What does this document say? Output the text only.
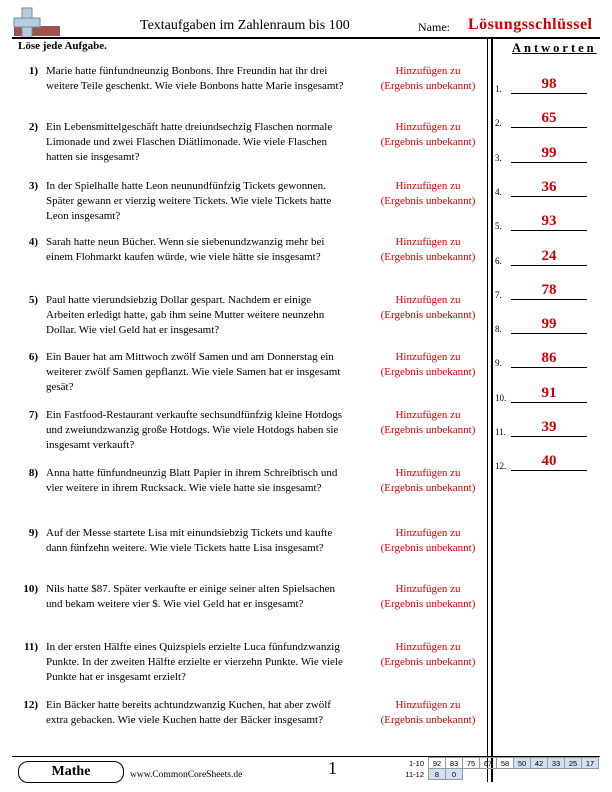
Textaufgaben im Zahlenraum bis 100	Name: Lösungsschlüssel
Löse jede Aufgabe.	Antworten
1) Marie hatte fünfundneunzig Bonbons. Ihre Freundin hat ihr drei
weitere Teile geschenkt. Wie viele Bonbons hatte Marie insgesamt?
Hinzufügen zu
(Ergebnis unbekannt)
2) Ein Lebensmittelgeschäft hatte dreiundsechzig Flaschen normale
Limonade und zwei Flaschen Diätlimonade. Wie viele Flaschen
hatten sie insgesamt?
Hinzufügen zu
(Ergebnis unbekannt)
3) In der Spielhalle hatte Leon neunundfünfzig Tickets gewonnen.
Später gewann er vierzig weitere Tickets. Wie viele Tickets hatte
Leon insgesamt?
Hinzufügen zu
(Ergebnis unbekannt)
4) Sarah hatte neun Bücher. Wenn sie siebenundzwanzig mehr bei
einem Flohmarkt kaufen würde, wie viele hätte sie insgesamt?
Hinzufügen zu
(Ergebnis unbekannt)
5) Paul hatte vierundsiebzig Dollar gespart. Nachdem er einige
Arbeiten erledigt hatte, gab ihm seine Mutter weitere neunzehn
Dollar. Wie viel Geld hat er insgesamt?
Hinzufügen zu
(Ergebnis unbekannt)
6) Ein Bauer hat am Mittwoch zwölf Samen und am Donnerstag ein
weiterer zwölf Samen gepflanzt. Wie viele Samen hat er insgesamt
gesät?
Hinzufügen zu
(Ergebnis unbekannt)
7) Ein Fastfood-Restaurant verkaufte sechsundfünfzig kleine Hotdogs
und zweiundzwanzig große Hotdogs. Wie viele Hotdogs haben sie
insgesamt verkauft?
Hinzufügen zu
(Ergebnis unbekannt)
8) Anna hatte fünfundneunzig Blatt Papier in ihrem Schreibtisch und
vier weitere in ihrem Rucksack. Wie viele hatte sie insgesamt?
Hinzufügen zu
(Ergebnis unbekannt)
9) Auf der Messe startete Lisa mit einundsiebzig Tickets und kaufte
dann fünfzehn weitere. Wie viele Tickets hatte Lisa insgesamt?
Hinzufügen zu
(Ergebnis unbekannt)
10) Nils hatte $87. Später verkaufte er einige seiner alten Spielsachen
und bekam weitere vier $. Wie viel Geld hat er insgesamt?
Hinzufügen zu
(Ergebnis unbekannt)
11) In der ersten Hälfte eines Quizspiels erzielte Luca fünfundzwanzig
Punkte. In der zweiten Hälfte erzielte er vierzehn Punkte. Wie viele
Punkte hat er insgesamt erzielt?
Hinzufügen zu
(Ergebnis unbekannt)
12) Ein Bäcker hatte bereits achtundzwanzig Kuchen, hat aber zwölf
extra gebacken. Wie viele Kuchen hatte der Bäcker insgesamt?
Hinzufügen zu
(Ergebnis unbekannt)
1.	98
2.	65
3.	99
4.	36
5.	93
6.	24
7.	78
8.	99
9.	86
10.	91
11.	39
12.	40
Mathe	www.CommonCoreSheets.de	1	1-10	92	83	75	67	58	50	42	33	25	17
11-12	8	0								
